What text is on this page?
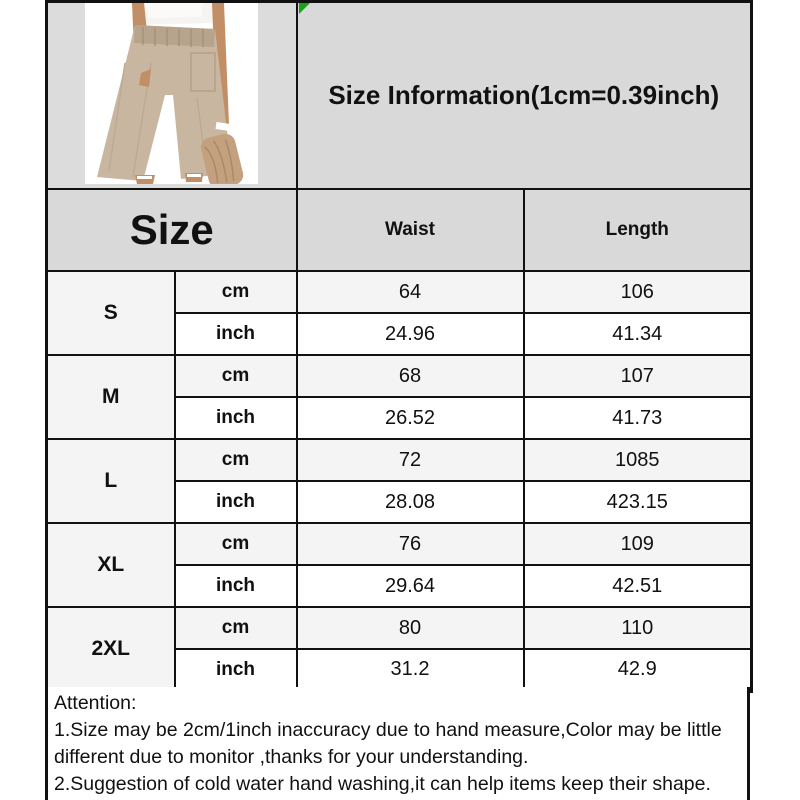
Size Information(1cm=0.39inch)	
Size		Waist	Length
S	cm	64	106
	inch	24.96	41.34
M	cm	68	107
	inch	26.52	41.73
L	cm	72	1085
	inch	28.08	423.15
XL	cm	76	109
	inch	29.64	42.51
2XL	cm	80	110
	inch	31.2	42.9

Attention:

1.Size may be 2cm/1inch inaccuracy due to hand measure,Color may be little different due to monitor ,thanks for your understanding.

2.Suggestion of cold water hand washing,it can help items keep their shape.
